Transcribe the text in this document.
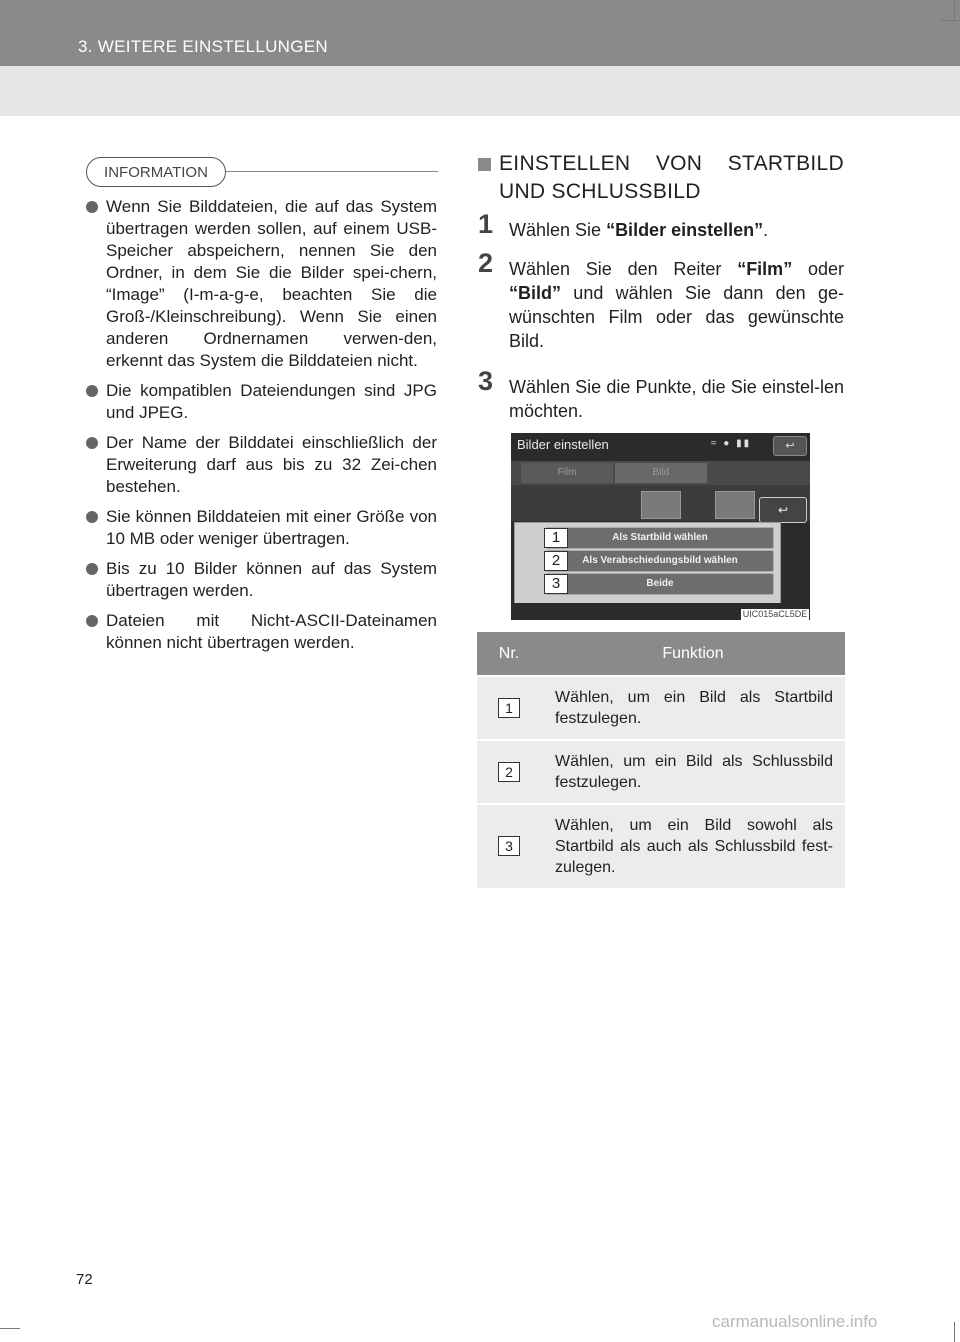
3. WEITERE EINSTELLUNGEN
INFORMATION
Wenn Sie Bilddateien, die auf das System übertragen werden sollen, auf einem USB-Speicher abspeichern, nennen Sie den Ordner, in dem Sie die Bilder spei-chern, “Image” (I-m-a-g-e, beachten Sie die Groß-/Kleinschreibung). Wenn Sie einen anderen Ordnernamen verwen-den, erkennt das System die Bilddateien nicht.
Die kompatiblen Dateiendungen sind JPG und JPEG.
Der Name der Bilddatei einschließlich der Erweiterung darf aus bis zu 32 Zei-chen bestehen.
Sie können Bilddateien mit einer Größe von 10 MB oder weniger übertragen.
Bis zu 10 Bilder können auf das System übertragen werden.
Dateien mit Nicht-ASCII-Dateinamen können nicht übertragen werden.
EINSTELLEN VON STARTBILD
UND SCHLUSSBILD
1 Wählen Sie “Bilder einstellen”.
2 Wählen Sie den Reiter “Film” oder “Bild” und wählen Sie dann den ge-wünschten Film oder das gewünschte Bild.
3 Wählen Sie die Punkte, die Sie einstel-len möchten.
Bilder einstellen	≈ ● ▮▮	↩
Film	Bild
↩
Als Startbild wählen
Als Verabschiedungsbild wählen
Beide
1
2
3
UIC015aCL5DE
Nr.	Funktion
1	Wählen, um ein Bild als Startbild festzulegen.
2	Wählen, um ein Bild als Schlussbild festzulegen.
3	Wählen, um ein Bild sowohl als Startbild als auch als Schlussbild fest-zulegen.
72
carmanualsonline.info
